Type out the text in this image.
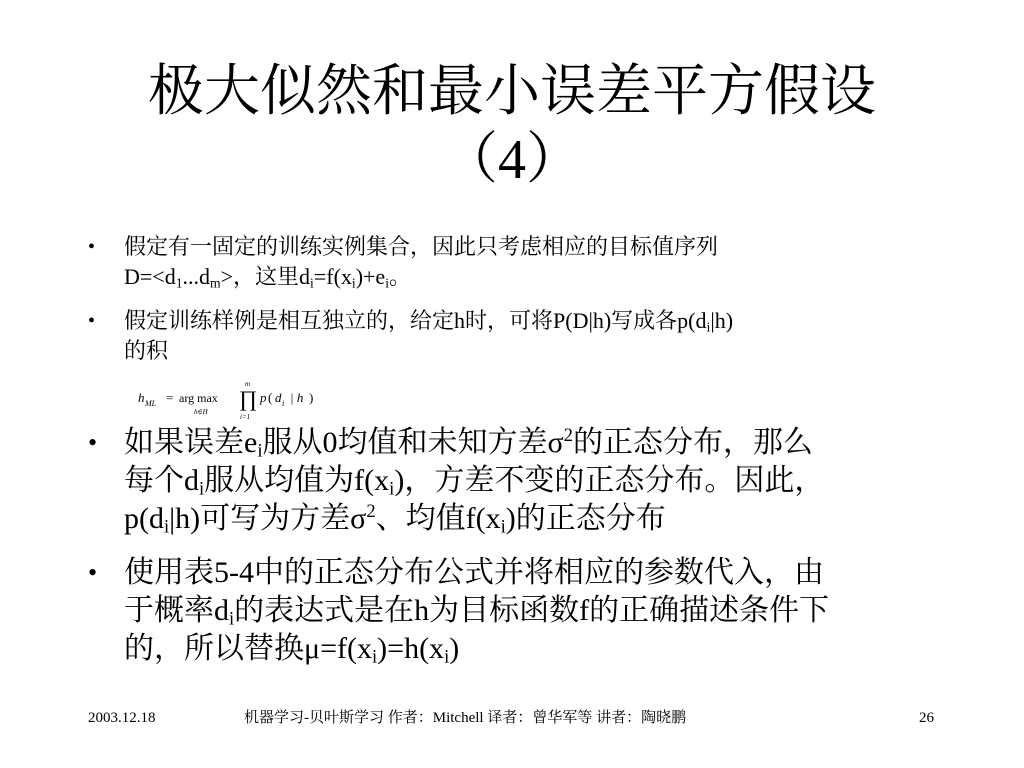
极大似然和最小误差平方假设
（4）
• 假定有一固定的训练实例集合，因此只考虑相应的目标值序列
$D=<d_1...d_m>$，这里$d_i=f(x_i)+e_i$。
• 假定训练样例是相互独立的，给定h时，可将P(D|h)写成各$p(d_i|h)$
的积
h ML = arg max
h∈H
∏
m
i=1
p ( d i | h )
• 如果误差$e_i$服从0均值和未知方差$\sigma^2$的正态分布，那么
每个$d_i$服从均值为$f(x_i)$，方差不变的正态分布。因此，
$p(d_i|h)$可写为方差$\sigma^2$、均值$f(x_i)$的正态分布
• 使用表5-4中的正态分布公式并将相应的参数代入，由
于概率$d_i$的表达式是在h为目标函数f的正确描述条件下
的，所以替换$\mu=f(x_i)=h(x_i)$
2003.12.18	机器学习-贝叶斯学习 作者：Mitchell 译者：曾华军等 讲者：陶晓鹏	26
